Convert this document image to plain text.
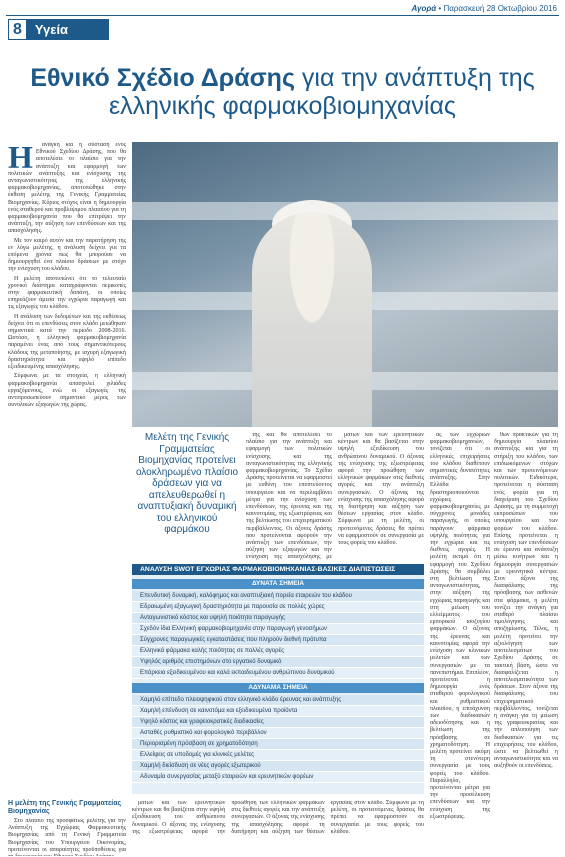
Αγορά • Παρασκευή 28 Οκτωβρίου 2016
8	Υγεία
Εθνικό Σχέδιο Δράσης για την ανάπτυξη της ελληνικής φαρμακοβιομηχανίας
Η	ανάγκη και η σύσταση ενός Εθνικού Σχεδίου Δράσης, που θα αποτελέσει το πλαίσιο για την ανάπτυξη και εφαρμογή των πολιτικών ανάπτυξης και ενίσχυσης της ανταγωνιστικότητας της ελληνικής φαρμακοβιομηχανίας, αποτυπώθηκε στην έκθεση μελέτης της Γενικής Γραμματείας Βιομηχανίας. Κύριος στόχος είναι η δημιουργία ενός σταθερού και προβλέψιμου πλαισίου για τη φαρμακοβιομηχανία που θα επιτρέψει την ανάπτυξη, την αύξηση των επενδύσεων και της απασχόλησης.

Με τον καιρό αυτόν και την παρατήρηση της εν λόγω μελέτης, η ανάλυση δείχνει για τα επόμενα χρόνια πως θα μπορούσε να δημιουργηθεί ένα πλαίσιο δράσεων με στόχο την ενίσχυση του κλάδου.

Η μελέτη αποτυπώνει ότι το τελευταίο χρονικό διάστημα καταγράφονται περικοπές στην φαρμακευτική δαπάνη, οι οποίες επηρεάζουν άμεσα την εγχώρια παραγωγή και τις εξαγωγές του κλάδου.

Η ανάλυση των δεδομένων και της εκθέσεως δείχνει ότι οι επενδύσεις στον κλάδο μειώθηκαν σημαντικά κατά την περίοδο 2008-2016. Ωστόσο, η ελληνική φαρμακοβιομηχανία παραμένει ένας από τους σημαντικότερους κλάδους της μεταποίησης, με ισχυρή εξαγωγική δραστηριότητα και υψηλό επίπεδο εξειδικευμένης απασχόλησης.

Σύμφωνα με τα στοιχεία, η ελληνική φαρμακοβιομηχανία απασχολεί χιλιάδες εργαζόμενους, ενώ οι εξαγωγές της αντιπροσωπεύουν σημαντικό μέρος των συνολικών εξαγωγών της χώρας.

Η μελέτη της Γενικής Γραμματείας Βιομηχανίας

Στο πλαίσιο της προσφάτως μελέτης για την Ανάπτυξη της Εγχώριας Φαρμακευτικής Βιομηχανίας από τη Γενική Γραμματεία Βιομηχανίας του Υπουργείου Οικονομίας, προτείνονται οι απαραίτητες προϋποθέσεις για

Μελέτη της Γενικής Γραμματείας Βιομηχανίας προτείνει ολοκληρωμένο πλαίσιο δράσεων για να απελευθερωθεί η αναπτυξιακή δυναμική του ελληνικού φαρμάκου

της και θα αποτελέσει το πλαίσιο για την ανάπτυξη και εφαρμογή των πολιτικών ενίσχυσης και της ανταγωνιστικότητας της ελληνικής φαρμακοβιομηχανίας. Το Σχέδιο Δράσης προτείνεται να εφαρμοστεί με ευθύνη του εποπτεύοντος υπουργείου και να περιλαμβάνει μέτρα για την ενίσχυση των επενδύσεων, της έρευνας και της καινοτομίας, της εξωστρέφειας και της βελτίωσης του επιχειρηματικού περιβάλλοντος. Οι άξονες δράσης που προτείνονται αφορούν την ανάπτυξη των επενδύσεων, την αύξηση των εξαγωγών και την ενίσχυση της απασχόλησης με

ματων και των ερευνητικών κέντρων και θα βασίζεται στην υψηλή εξειδίκευση του ανθρώπινου δυναμικού. Ο άξονας της ενίσχυσης της εξωστρέφειας αφορά την προώθηση των ελληνικών φαρμάκων στις διεθνείς αγορές και την ανάπτυξη συνεργασιών. Ο άξονας της ενίσχυσης της απασχόλησης αφορά τη διατήρηση και αύξηση των θέσεων εργασίας στον κλάδο. Σύμφωνα με τη μελέτη, οι προτεινόμενες δράσεις θα πρέπει να εφαρμοστούν σε συνεργασία με τους φορείς του κλάδου.

ας των εγχώριων φαρμακοβιομηχανιών, τονίζεται ότι οι ελληνικές επιχειρήσεις του κλάδου διαθέτουν σημαντικές δυνατότητες ανάπτυξης. Στην Ελλάδα δραστηριοποιούνται εγχώριες φαρμακοβιομηχανίες με σύγχρονες μονάδες παραγωγής, οι οποίες παράγουν φάρμακα υψηλής ποιότητας για την εγχώρια και τις διεθνείς αγορές. Η μελέτη εκτιμά ότι η εφαρμογή του Σχεδίου Δράσης θα συμβάλει στη βελτίωση της ανταγωνιστικότητας, στην αύξηση της εγχώριας παραγωγής και στη μείωση του ελλείμματος του εμπορικού ισοζυγίου φαρμάκων. Ο άξονας της έρευνας και καινοτομίας αφορά την ενίσχυση των κλινικών μελετών και των συνεργασιών με τα πανεπιστήμια. Επιπλέον, προτείνεται η δημιουργία ενός σταθερού φορολογικού και ρυθμιστικού πλαισίου, η επιτάχυνση των διαδικασιών αδειοδότησης και η βελτίωση της πρόσβασης σε χρηματοδότηση. Η μελέτη προτείνει ακόμη τη στενότερη συνεργασία με τους φορείς του κλάδου. Παράλληλα, προτείνονται μέτρα για την προσέλκυση επενδύσεων και την ενίσχυση της εξωστρέφειας.

θων πρακτικών για τη δημιουργία πλαισίου ανάπτυξης και για τη στήριξη του κλάδου, των επιδιωκόμενων στόχων και των προτεινόμενων πολιτικών. Ειδικότερα, προτείνεται η σύσταση ενός φορέα για τη διαχείριση του Σχεδίου Δράσης, με τη συμμετοχή εκπροσώπων του υπουργείου και των φορέων του κλάδου. Επίσης προτείνεται η ενίσχυση των επενδύσεων σε έρευνα και ανάπτυξη μέσω κινήτρων και η δημιουργία συνεργασιών με ερευνητικά κέντρα. Στον άξονα της διασφάλισης της πρόσβασης των ασθενών στα φάρμακα, η μελέτη τονίζει την ανάγκη για σταθερό πλαίσιο τιμολόγησης και αποζημίωσης. Τέλος, η μελέτη προτείνει την αξιολόγηση των αποτελεσμάτων του Σχεδίου Δράσης σε τακτική βάση, ώστε να διασφαλίζεται η αποτελεσματικότητα των δράσεων. Στον άξονα της διασφάλισης του επιχειρηματικού περιβάλλοντος, τονίζεται η ανάγκη για τη μείωση της γραφειοκρατίας και την απλοποίηση των διαδικασιών για τις επιχειρήσεις του κλάδου, ώστε να βελτιωθεί η ανταγωνιστικότητα και να αυξηθούν οι επενδύσεις.

ΑΝΑΛΥΣΗ SWOT ΕΓΧΩΡΙΑΣ ΦΑΡΜΑΚΟΒΙΟΜΗΧΑΝΙΑΣ-ΒΑΣΙΚΕΣ ΔΙΑΠΙΣΤΩΣΕΙΣ
ΔΥΝΑΤΑ ΣΗΜΕΙΑ
Επενδυτική δυναμική, καλόφημος και αναπτυξιακή πορεία εταιρειών του κλάδου
Εδραιωμένη εξαγωγική δραστηριότητα με παρουσία σε πολλές χώρες
Ανταγωνιστικό κόστος και υψηλή ποιότητα παραγωγής
Σχεδόν ίδια Ελληνική φαρμακοβιομηχανία στην παραγωγή γενοσήμων
Σύγχρονες παραγωγικές εγκαταστάσεις που πληρούν διεθνή πρότυπα
Ελληνικά φάρμακα καλής ποιότητας σε πολλές αγορές
Υψηλός αριθμός επιστημόνων στο εργατικό δυναμικό
Επάρκεια εξειδικευμένου και καλά εκπαιδευμένου ανθρώπινου δυναμικού
ΑΔΥΝΑΜΑ ΣΗΜΕΙΑ
Χαμηλό επίπεδο πλειοψηφικού στον ελληνικό κλάδο έρευνας και ανάπτυξης
Χαμηλή επένδυση σε καινοτόμα και εξειδικευμένα προϊόντα
Υψηλό κόστος και γραφειοκρατικές διαδικασίες
Ασταθές ρυθμιστικό και φορολογικό περιβάλλον
Περιορισμένη πρόσβαση σε χρηματοδότηση
Ελλείψεις σε υποδομές για κλινικές μελέτες
Χαμηλή διείσδυση σε νέες αγορές εξωτερικού
Αδυναμία συνεργασίας μεταξύ εταιρειών και ερευνητικών φορέων

ματων και των ερευνητικών κέντρων και θα βασίζεται στην υψηλή εξειδίκευση του ανθρώπινου δυναμικού. Ο άξονας της ενίσχυσης της εξωστρέφειας αφορά την προώθηση των ελληνικών φαρμάκων στις διεθνείς αγορές και την ανάπτυξη συνεργασιών. Ο άξονας της ενίσχυσης της απασχόλησης αφορά τη διατήρηση και αύξηση των θέσεων εργασίας στον κλάδο. Σύμφωνα με τη μελέτη, οι προτεινόμενες δράσεις θα πρέπει να εφαρμοστούν σε συνεργασία με τους φορείς του κλάδου.
